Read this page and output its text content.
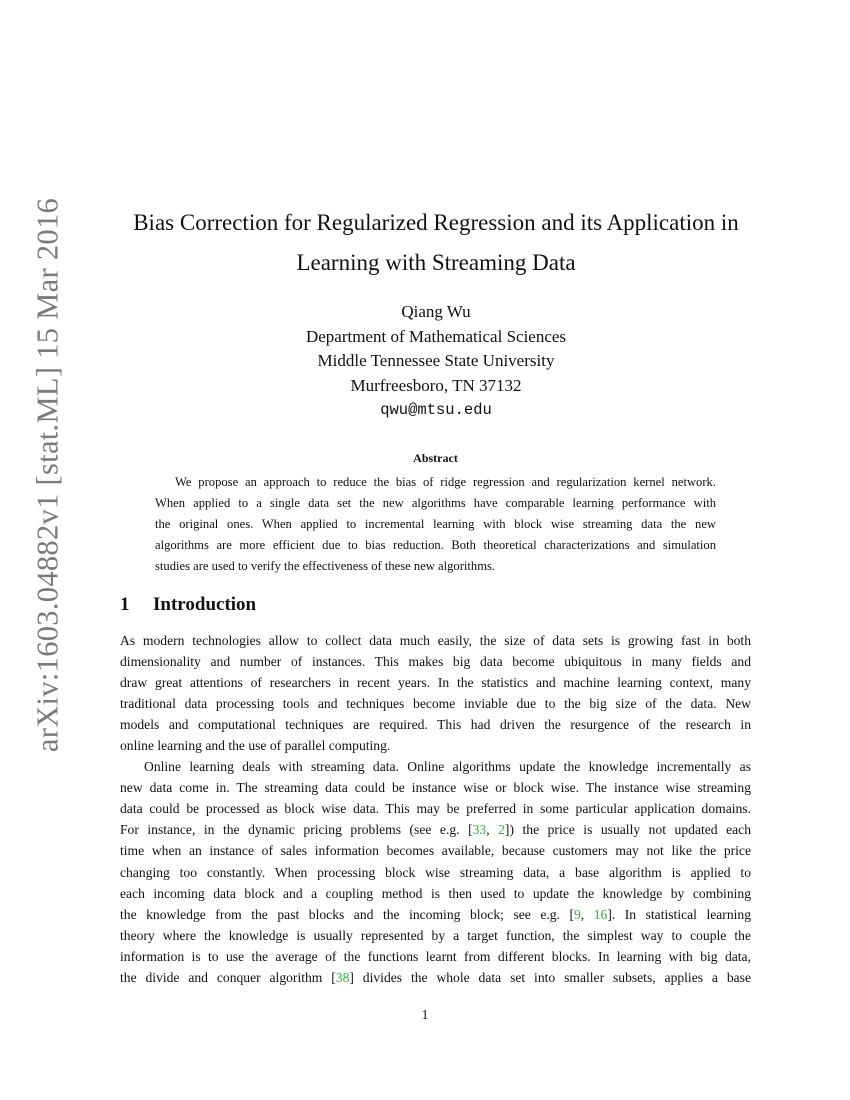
arXiv:1603.04882v1 [stat.ML] 15 Mar 2016	Bias Correction for Regularized Regression and its Application in
Learning with Streaming Data
Qiang Wu
Department of Mathematical Sciences
Middle Tennessee State University
Murfreesboro, TN 37132
qwu@mtsu.edu
Abstract
We propose an approach to reduce the bias of ridge regression and regularization kernel network.
When applied to a single data set the new algorithms have comparable learning performance with
the original ones. When applied to incremental learning with block wise streaming data the new
algorithms are more efficient due to bias reduction. Both theoretical characterizations and simulation
studies are used to verify the effectiveness of these new algorithms.
1 Introduction
As modern technologies allow to collect data much easily, the size of data sets is growing fast in both
dimensionality and number of instances. This makes big data become ubiquitous in many fields and
draw great attentions of researchers in recent years. In the statistics and machine learning context, many
traditional data processing tools and techniques become inviable due to the big size of the data. New
models and computational techniques are required. This had driven the resurgence of the research in
online learning and the use of parallel computing.
Online learning deals with streaming data. Online algorithms update the knowledge incrementally as
new data come in. The streaming data could be instance wise or block wise. The instance wise streaming
data could be processed as block wise data. This may be preferred in some particular application domains.
For instance, in the dynamic pricing problems (see e.g. [33, 2]) the price is usually not updated each
time when an instance of sales information becomes available, because customers may not like the price
changing too constantly. When processing block wise streaming data, a base algorithm is applied to
each incoming data block and a coupling method is then used to update the knowledge by combining
the knowledge from the past blocks and the incoming block; see e.g. [9, 16]. In statistical learning
theory where the knowledge is usually represented by a target function, the simplest way to couple the
information is to use the average of the functions learnt from different blocks. In learning with big data,
the divide and conquer algorithm [38] divides the whole data set into smaller subsets, applies a base
1
